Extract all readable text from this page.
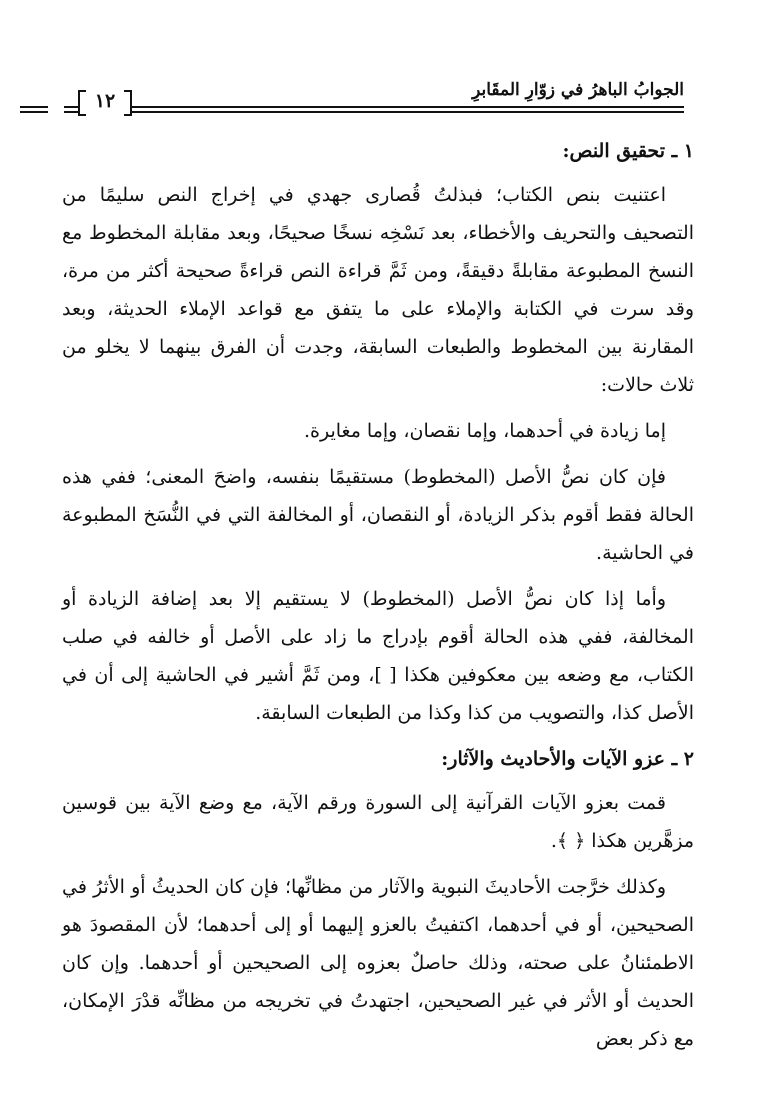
الجوابُ الباهرُ في زوّارِ المقَابرِ
١٢
١ ـ تحقيق النص:

اعتنيت بنص الكتاب؛ فبذلتُ قُصارى جهدي في إخراج النص سليمًا من التصحيف والتحريف والأخطاء، بعد نَسْخِه نسخًا صحيحًا، وبعد مقابلة المخطوط مع النسخ المطبوعة مقابلةً دقيقةً، ومن ثَمَّ قراءة النص قراءةً صحيحة أكثر من مرة، وقد سرت في الكتابة والإملاء على ما يتفق مع قواعد الإملاء الحديثة، وبعد المقارنة بين المخطوط والطبعات السابقة، وجدت أن الفرق بينهما لا يخلو من ثلاث حالات:

إما زيادة في أحدهما، وإما نقصان، وإما مغايرة.

فإن كان نصُّ الأصل (المخطوط) مستقيمًا بنفسه، واضحَ المعنى؛ ففي هذه الحالة فقط أقوم بذكر الزيادة، أو النقصان، أو المخالفة التي في النُّسَخ المطبوعة في الحاشية.

وأما إذا كان نصُّ الأصل (المخطوط) لا يستقيم إلا بعد إضافة الزيادة أو المخالفة، ففي هذه الحالة أقوم بإدراج ما زاد على الأصل أو خالفه في صلب الكتاب، مع وضعه بين معكوفين هكذا [ ]، ومن ثَمَّ أشير في الحاشية إلى أن في الأصل كذا، والتصويب من كذا وكذا من الطبعات السابقة.

٢ ـ عزو الآيات والأحاديث والآثار:

قمت بعزو الآيات القرآنية إلى السورة ورقم الآية، مع وضع الآية بين قوسين مزهَّرين هكذا ﴿ ﴾.

وكذلك خرَّجت الأحاديثَ النبوية والآثار من مظانِّها؛ فإن كان الحديثُ أو الأثرُ في الصحيحين، أو في أحدهما، اكتفيتُ بالعزو إليهما أو إلى أحدهما؛ لأن المقصودَ هو الاطمئنانُ على صحته، وذلك حاصلٌ بعزوه إلى الصحيحين أو أحدهما. وإن كان الحديث أو الأثر في غير الصحيحين، اجتهدتُ في تخريجه من مظانِّه قدْرَ الإمكان، مع ذكر بعض
